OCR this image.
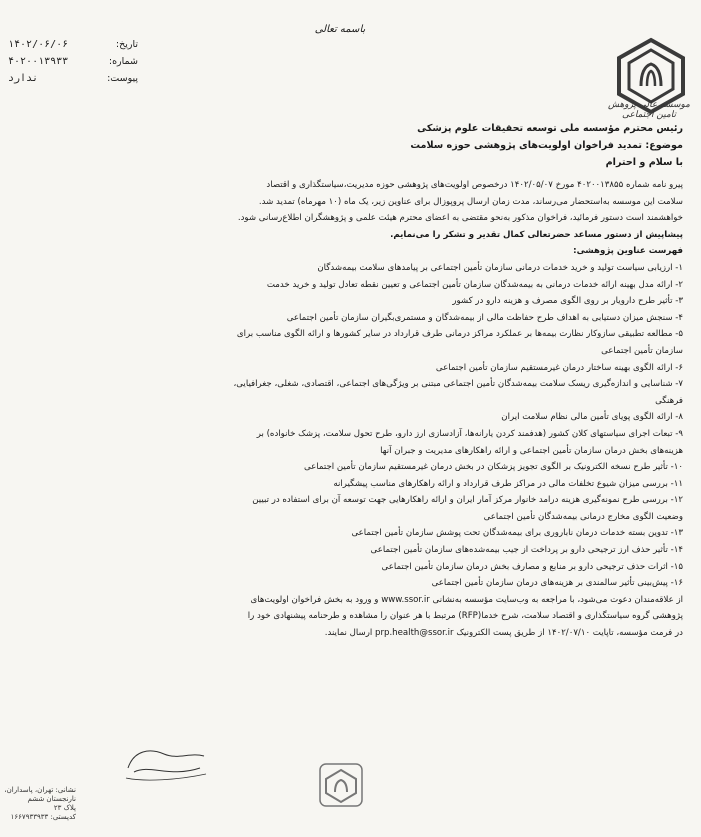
باسمه تعالی
موسسه عالی پژوهش تامین اجتماعی
تاریخ:
۱۴۰۲/۰۶/۰۶
شماره:
۴۰۲۰۰۱۳۹۳۳
پیوست:
ندارد
رئیس محترم مؤسسه ملی توسعه تحقیقات علوم پزشکی
موضوع: تمدید فراخوان اولویت‌های پژوهشی حوزه سلامت
با سلام و احترام
پیرو نامه شماره ۴۰۲۰۰۱۳۸۵۵ مورخ ۱۴۰۲/۰۵/۰۷ درخصوص اولویت‌های پژوهشی حوزه مدیریت،سیاستگذاری و اقتصاد
سلامت این موسسه به‌استحضار می‌رساند، مدت زمان ارسال پروپوزال برای عناوین زیر، یک ماه (۱۰ مهرماه) تمدید شد.
خواهشمند است دستور فرمائید، فراخوان مذکور به‌نحو مقتضی به اعضای محترم هیئت علمی و پژوهشگران اطلاع‌رسانی شود.
پیشاپیش از دستور مساعد حضرتعالی کمال تقدیر و تشکر را می‌نمایم.
فهرست عناوین پژوهشی:
۱- ارزیابی سیاست تولید و خرید خدمات درمانی سازمان تأمین اجتماعی بر پیامدهای سلامت بیمه‌شدگان
۲- ارائه مدل بهینه ارائه خدمات درمانی به بیمه‌شدگان سازمان تأمین اجتماعی و تعیین نقطه تعادل تولید و خرید خدمت
۳- تأثیر طرح دارویار بر روی الگوی مصرف و هزینه دارو در کشور
۴- سنجش میزان دستیابی به اهداف طرح حفاظت مالی از بیمه‌شدگان و مستمری‌بگیران سازمان تأمین اجتماعی
۵- مطالعه تطبیقی سازوکار نظارت بیمه‌ها بر عملکرد مراکز درمانی طرف قرارداد در سایر کشورها و ارائه الگوی مناسب برای
سازمان تأمین اجتماعی
۶- ارائه الگوی بهینه ساختار درمان غیرمستقیم سازمان تأمین اجتماعی
۷- شناسایی و اندازه‌گیری ریسک سلامت بیمه‌شدگان تأمین اجتماعی مبتنی بر ویژگی‌های اجتماعی، اقتصادی، شغلی، جغرافیایی،
فرهنگی
۸- ارائه الگوی پویای تأمین مالی نظام سلامت ایران
۹- تبعات اجرای سیاستهای کلان کشور (هدفمند کردن یارانه‌ها، آزادسازی ارز دارو، طرح تحول سلامت، پزشک خانواده) بر
هزینه‌های بخش درمان سازمان تأمین اجتماعی و ارائه راهکارهای مدیریت و جبران آنها
۱۰- تأثیر طرح نسخه الکترونیک بر الگوی تجویز پزشکان در بخش درمان غیرمستقیم سازمان تأمین اجتماعی
۱۱- بررسی میزان شیوع تخلفات مالی در مراکز طرف قرارداد و ارائه راهکارهای مناسب پیشگیرانه
۱۲- بررسی طرح نمونه‌گیری هزینه درامد خانوار مرکز آمار ایران و ارائه راهکارهایی جهت توسعه آن برای استفاده در تبیین
وضعیت الگوی مخارج درمانی بیمه‌شدگان تأمین اجتماعی
۱۳- تدوین بسته خدمات درمان ناباروری برای بیمه‌شدگان تحت پوشش سازمان تأمین اجتماعی
۱۴- تأثیر حذف ارز ترجیحی دارو بر پرداخت از جیب بیمه‌شده‌های سازمان تأمین اجتماعی
۱۵- اثرات حذف ترجیحی دارو بر منابع و مصارف بخش درمان سازمان تأمین اجتماعی
۱۶- پیش‌بینی تأثیر سالمندی بر هزینه‌های درمان سازمان تأمین اجتماعی
از علاقه‌مندان دعوت می‌شود، با مراجعه به وب‌سایت مؤسسه به‌نشانی www.ssor.ir و ورود به بخش فراخوان اولویت‌های
پژوهشی گروه سیاستگذاری و اقتصاد سلامت، شرح خدما(RFP) مرتبط با هر عنوان را مشاهده و طرحنامه پیشنهادی خود را
در فرمت مؤسسه، تاپایت ۱۴۰۲/۰۷/۱۰ از طریق پست الکترونیک prp.health@ssor.ir ارسال نمایند.
نشانی: تهران، پاسداران،
نارنجستان ششم
پلاک ۲۳
کدپستی: ۱۶۶۷۹۳۳۹۳۳
